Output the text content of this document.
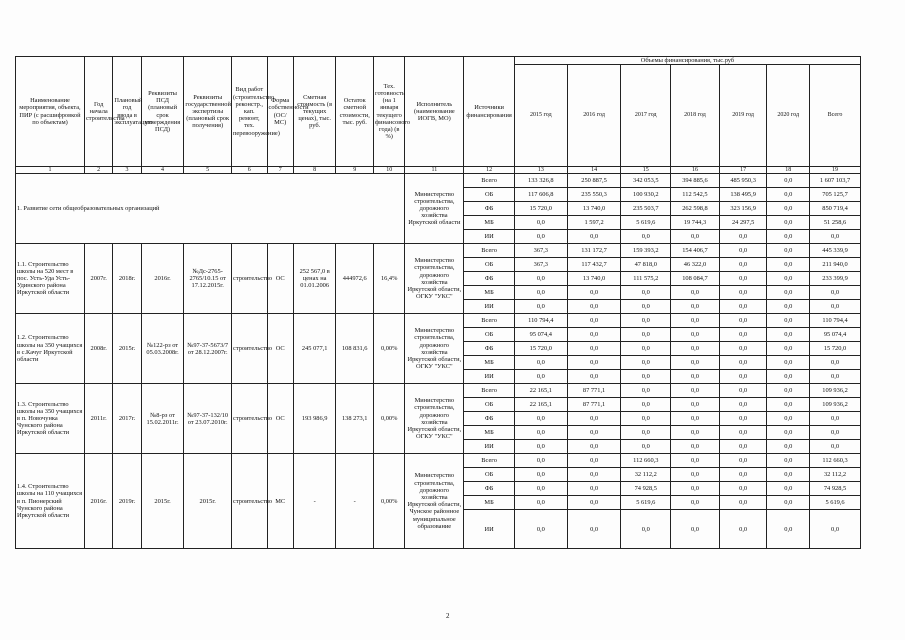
Наименование мероприятия, объекта, ПИР (с расшифровкой по объектам)	Год начала строительства	Плановый год ввода в эксплуатацию	Реквизиты ПСД (плановый срок утверждения ПСД)	Реквизиты государственной экспертизы (плановый срок получения)	Вид работ (строительство, реконстр., кап. ремонт, тех. перевооружение)	Форма собственности (ОС/МС)	Сметная стоимость (в текущих ценах), тыс. руб.	Остаток сметной стоимости, тыс. руб.	Тех. готовность (на 1 января текущего финансового года) (в %)	Исполнитель (наименование ИОГВ, МО)	Источники финансирования	Объемы финансирования, тыс.руб						
												2015 год	2016 год	2017 год	2018 год	2019 год	2020 год	Всего
1	2	3	4	5	6	7	8	9	10	11	12	13	14	15	16	17	18	19
1. Развитие сети общеобразовательных организаций										Министерство строительства, дорожного хозяйства Иркутской области	Всего	133 326,8	250 887,5	342 053,5	394 885,6	485 950,3	0,0	1 607 103,7
											ОБ	117 606,8	235 550,3	100 930,2	112 542,5	138 495,9	0,0	705 125,7
											ФБ	15 720,0	13 740,0	235 503,7	262 598,8	323 156,9	0,0	850 719,4
											МБ	0,0	1 597,2	5 619,6	19 744,3	24 297,5	0,0	51 258,6
											ИИ	0,0	0,0	0,0	0,0	0,0	0,0	0,0
1.1. Строительство школы на 520 мест в пос. Усть-Уда Усть-Удинского района Иркутской области	2007г.	2018г.	2016г.	№Дс-2765-2765/10.15 от 17.12.2015г.	строительство	ОС	252 567,0 в ценах на 01.01.2006	444972,6	16,4%	Министерство строительства, дорожного хозяйства Иркутской области, ОГКУ "УКС"	Всего	367,3	131 172,7	159 393,2	154 406,7	0,0	0,0	445 339,9
											ОБ	367,3	117 432,7	47 818,0	46 322,0	0,0	0,0	211 940,0
											ФБ	0,0	13 740,0	111 575,2	108 084,7	0,0	0,0	233 399,9
											МБ	0,0	0,0	0,0	0,0	0,0	0,0	0,0
											ИИ	0,0	0,0	0,0	0,0	0,0	0,0	0,0
1.2. Строительство школы на 350 учащихся в с.Качуг Иркутской области	2008г.	2015г.	№122-рз от 05.03.2008г.	№97-37-5673/7 от 28.12.2007г.	строительство	ОС	245 077,1	108 831,6	0,00%	Министерство строительства, дорожного хозяйства Иркутской области, ОГКУ "УКС"	Всего	110 794,4	0,0	0,0	0,0	0,0	0,0	110 794,4
											ОБ	95 074,4	0,0	0,0	0,0	0,0	0,0	95 074,4
											ФБ	15 720,0	0,0	0,0	0,0	0,0	0,0	15 720,0
											МБ	0,0	0,0	0,0	0,0	0,0	0,0	0,0
											ИИ	0,0	0,0	0,0	0,0	0,0	0,0	0,0
1.3. Строительство школы на 350 учащихся в п. Новочунка Чунского района Иркутской области	2011г.	2017г.	№8-рз от 15.02.2011г.	№97-37-132/10 от 23.07.2010г.	строительство	ОС	193 986,9	138 273,1	0,00%	Министерство строительства, дорожного хозяйства Иркутской области, ОГКУ "УКС"	Всего	22 165,1	87 771,1	0,0	0,0	0,0	0,0	109 936,2
											ОБ	22 165,1	87 771,1	0,0	0,0	0,0	0,0	109 936,2
											ФБ	0,0	0,0	0,0	0,0	0,0	0,0	0,0
											МБ	0,0	0,0	0,0	0,0	0,0	0,0	0,0
											ИИ	0,0	0,0	0,0	0,0	0,0	0,0	0,0
1.4. Строительство школы на 110 учащихся в п. Пионерский Чунского района Иркутской области	2016г.	2019г.	2015г.	2015г.	строительство	МС	-	-	0,00%	Министерство строительства, дорожного хозяйства Иркутской области, Чунское районное муниципальное образование	Всего	0,0	0,0	112 660,3	0,0	0,0	0,0	112 660,3
											ОБ	0,0	0,0	32 112,2	0,0	0,0	0,0	32 112,2
											ФБ	0,0	0,0	74 928,5	0,0	0,0	0,0	74 928,5
											МБ	0,0	0,0	5 619,6	0,0	0,0	0,0	5 619,6
											ИИ	0,0	0,0	0,0	0,0	0,0	0,0	0,0
2
